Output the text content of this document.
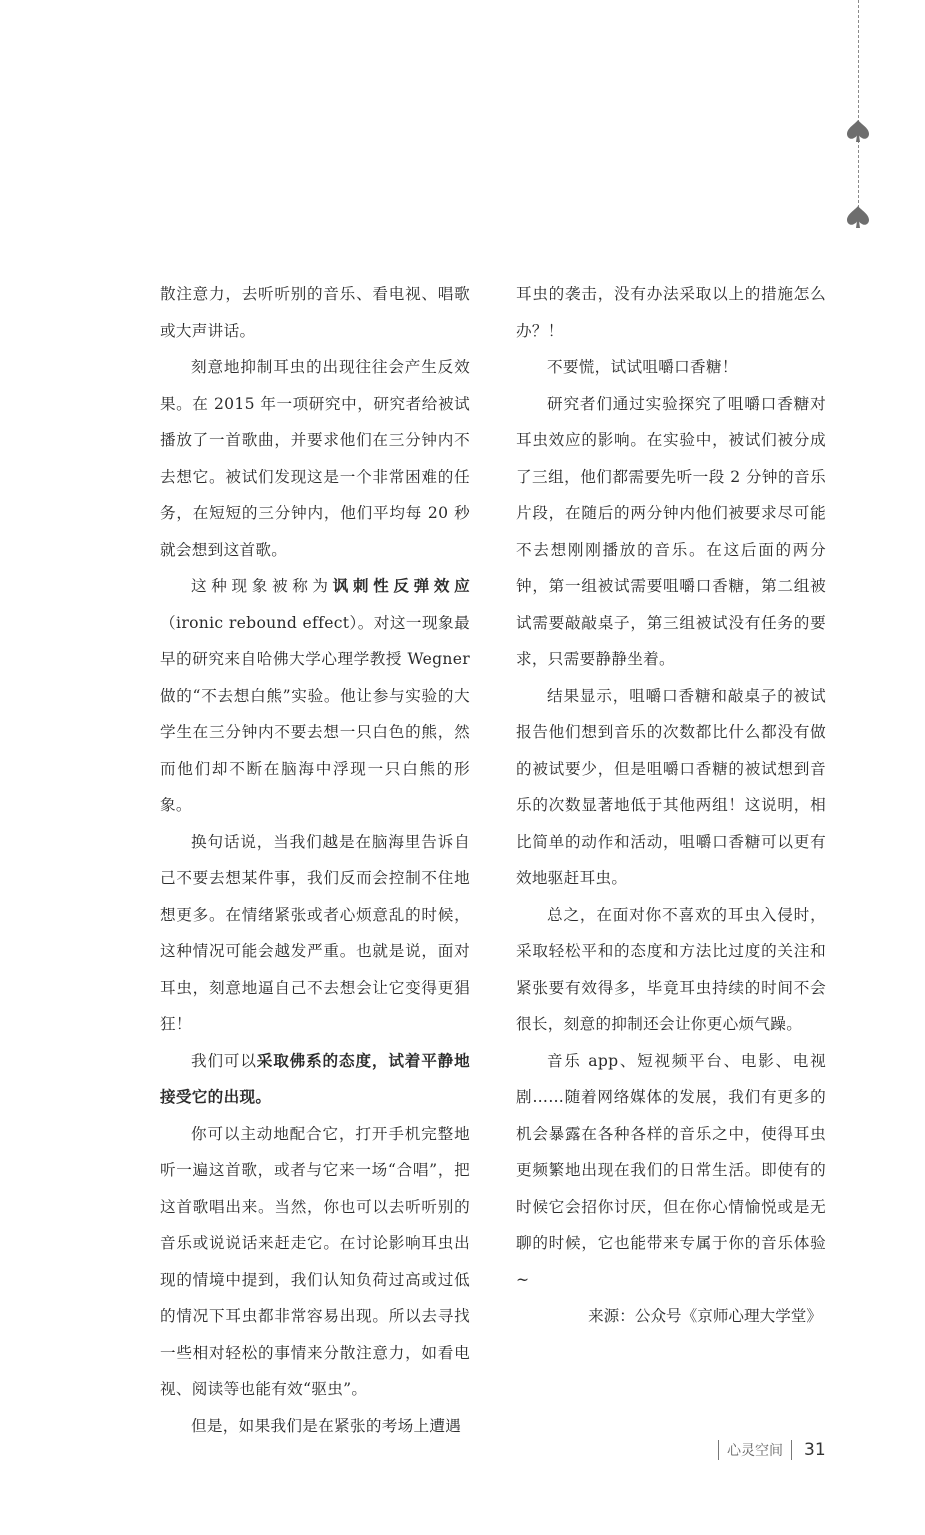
散注意力，去听听别的音乐、看电视、唱歌或大声讲话。

刻意地抑制耳虫的出现往往会产生反效果。在 2015 年一项研究中，研究者给被试播放了一首歌曲，并要求他们在三分钟内不去想它。被试们发现这是一个非常困难的任务，在短短的三分钟内，他们平均每 20 秒就会想到这首歌。

这种现象被称为讽刺性反弹效应（ironic rebound effect）。对这一现象最早的研究来自哈佛大学心理学教授 Wegner 做的“不去想白熊”实验。他让参与实验的大学生在三分钟内不要去想一只白色的熊，然而他们却不断在脑海中浮现一只白熊的形象。

换句话说，当我们越是在脑海里告诉自己不要去想某件事，我们反而会控制不住地想更多。在情绪紧张或者心烦意乱的时候，这种情况可能会越发严重。也就是说，面对耳虫，刻意地逼自己不去想会让它变得更猖狂！

我们可以采取佛系的态度，试着平静地接受它的出现。

你可以主动地配合它，打开手机完整地听一遍这首歌，或者与它来一场“合唱”，把这首歌唱出来。当然，你也可以去听听别的音乐或说说话来赶走它。在讨论影响耳虫出现的情境中提到，我们认知负荷过高或过低的情况下耳虫都非常容易出现。所以去寻找一些相对轻松的事情来分散注意力，如看电视、阅读等也能有效“驱虫”。

但是，如果我们是在紧张的考场上遭遇

耳虫的袭击，没有办法采取以上的措施怎么办？！

不要慌，试试咀嚼口香糖！

研究者们通过实验探究了咀嚼口香糖对耳虫效应的影响。在实验中，被试们被分成了三组，他们都需要先听一段 2 分钟的音乐片段，在随后的两分钟内他们被要求尽可能不去想刚刚播放的音乐。在这后面的两分钟，第一组被试需要咀嚼口香糖，第二组被试需要敲敲桌子，第三组被试没有任务的要求，只需要静静坐着。

结果显示，咀嚼口香糖和敲桌子的被试报告他们想到音乐的次数都比什么都没有做的被试要少，但是咀嚼口香糖的被试想到音乐的次数显著地低于其他两组！这说明，相比简单的动作和活动，咀嚼口香糖可以更有效地驱赶耳虫。

总之，在面对你不喜欢的耳虫入侵时，采取轻松平和的态度和方法比过度的关注和紧张要有效得多，毕竟耳虫持续的时间不会很长，刻意的抑制还会让你更心烦气躁。

音乐 app、短视频平台、电影、电视剧……随着网络媒体的发展，我们有更多的机会暴露在各种各样的音乐之中，使得耳虫更频繁地出现在我们的日常生活。即使有的时候它会招你讨厌，但在你心情愉悦或是无聊的时候，它也能带来专属于你的音乐体验 ~

来源：公众号《京师心理大学堂》

心灵空间 31
